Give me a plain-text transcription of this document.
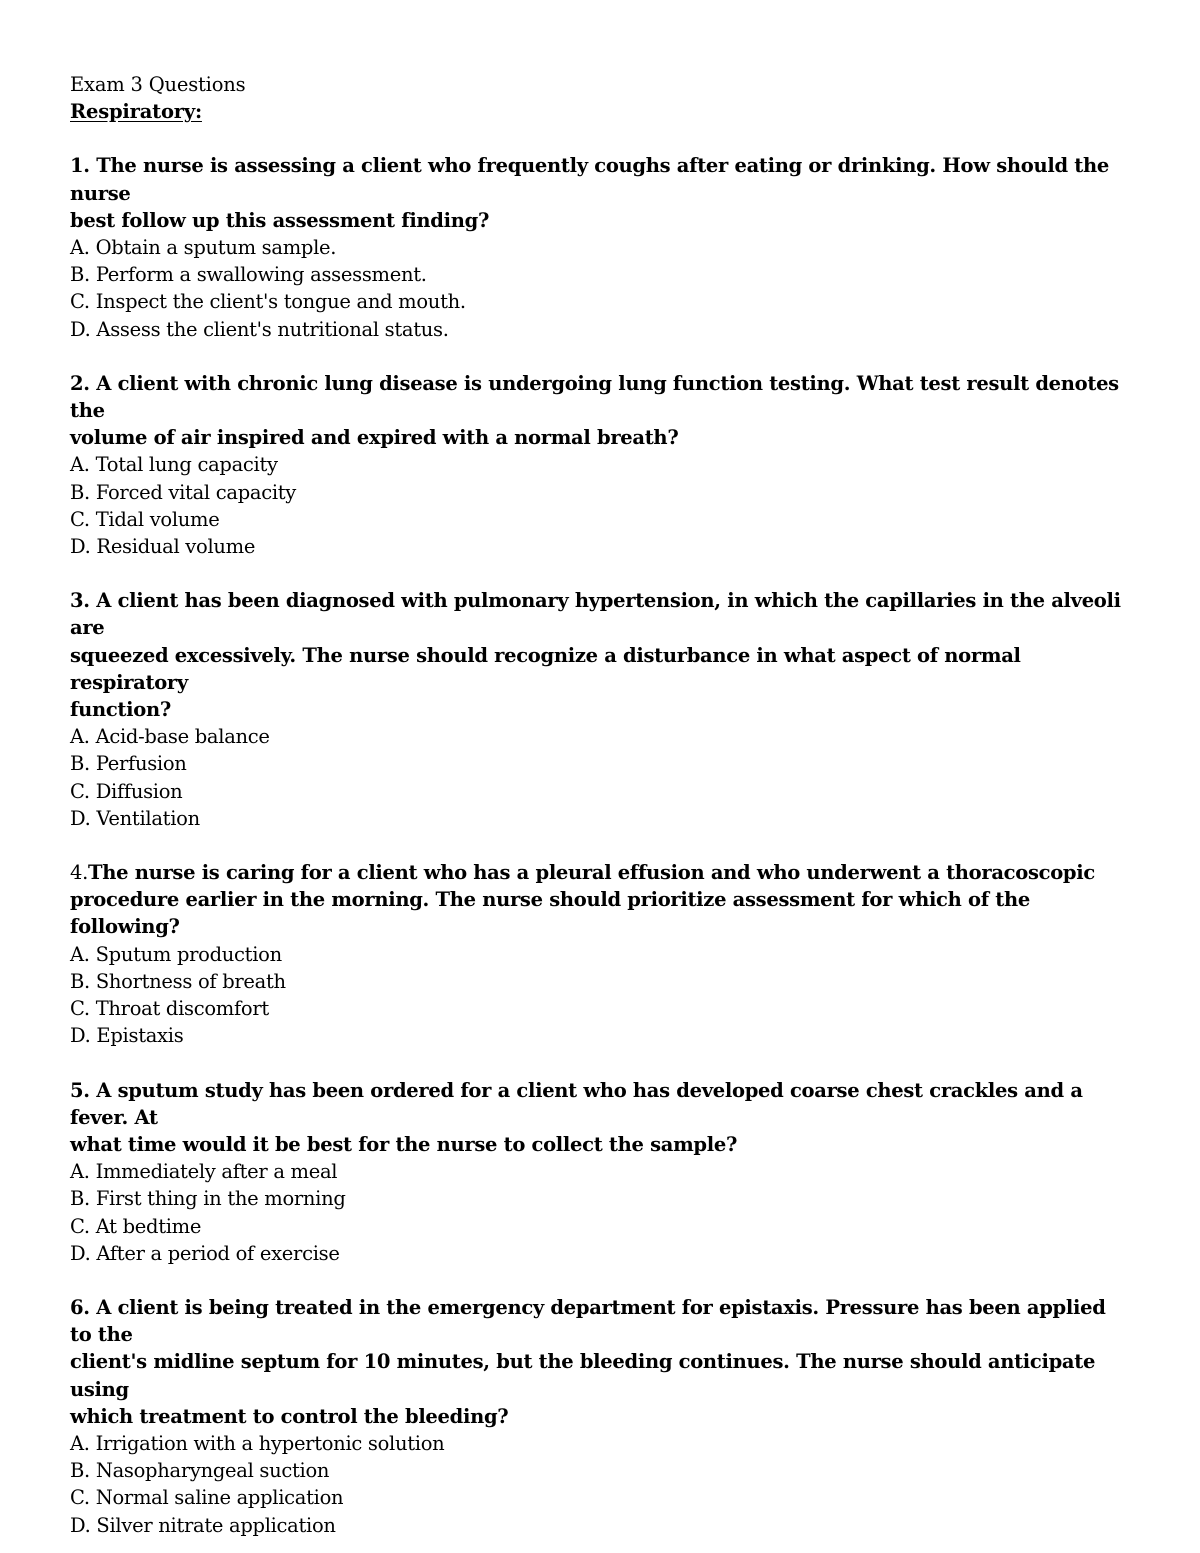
Exam 3 Questions
Respiratory:
1. The nurse is assessing a client who frequently coughs after eating or drinking. How should the nurse
best follow up this assessment finding?
A. Obtain a sputum sample.
B. Perform a swallowing assessment.
C. Inspect the client's tongue and mouth.
D. Assess the client's nutritional status.
2. A client with chronic lung disease is undergoing lung function testing. What test result denotes the
volume of air inspired and expired with a normal breath?
A. Total lung capacity
B. Forced vital capacity
C. Tidal volume
D. Residual volume
3. A client has been diagnosed with pulmonary hypertension, in which the capillaries in the alveoli are
squeezed excessively. The nurse should recognize a disturbance in what aspect of normal respiratory
function?
A. Acid-base balance
B. Perfusion
C. Diffusion
D. Ventilation
4.The nurse is caring for a client who has a pleural effusion and who underwent a thoracoscopic
procedure earlier in the morning. The nurse should prioritize assessment for which of the following?
A. Sputum production
B. Shortness of breath
C. Throat discomfort
D. Epistaxis
5. A sputum study has been ordered for a client who has developed coarse chest crackles and a fever. At
what time would it be best for the nurse to collect the sample?
A. Immediately after a meal
B. First thing in the morning
C. At bedtime
D. After a period of exercise
6. A client is being treated in the emergency department for epistaxis. Pressure has been applied to the
client's midline septum for 10 minutes, but the bleeding continues. The nurse should anticipate using
which treatment to control the bleeding?
A. Irrigation with a hypertonic solution
B. Nasopharyngeal suction
C. Normal saline application
D. Silver nitrate application
